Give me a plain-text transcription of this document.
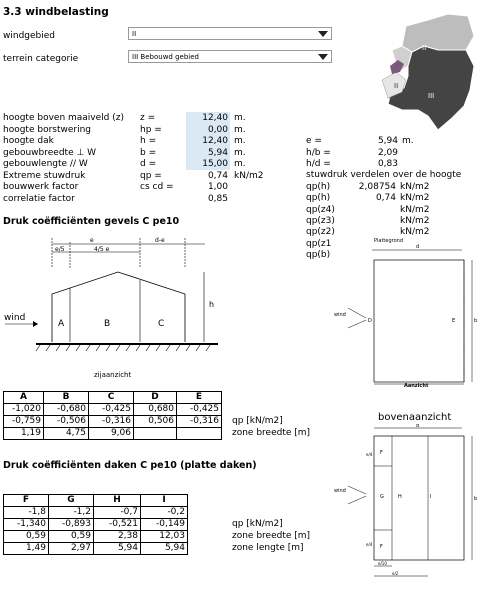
3.3 windbelasting
windgebied	II
terrein categorie	III Bebouwd gebied
II
I
II
III
hoogte boven maaiveld (z) z =	12,40 m.
hoogte borstwering	hp =	0,00 m.
hoogte dak	h =	12,40 m.
gebouwbreedte ⊥ W	b =	5,94 m.
gebouwlengte // W	d =	15,00 m.
Extreme stuwdruk	qp =	0,74 kN/m2
bouwwerk factor	cs cd =	1,00
correlatie factor	0,85
e =	5,94 m.
h/b =	2,09
h/d =	0,83
stuwdruk verdelen over de hoogte
qp(h)	2,08754 kN/m2
qp(h)	0,74 kN/m2
qp(z4)	kN/m2
qp(z3)	kN/m2
qp(z2)	kN/m2
qp(z1
qp(b)
Druk coëfficiënten gevels C pe10
e
e/5	4/5 e
d-e
h
wind
A	B	C
zijaanzicht
Plattegrond
d
b
D	E
wind
Aanzicht
A	B	C	D	E
-1,020	-0,680	-0,425	0,680	-0,425
-0,759	-0,506	-0,316	0,506	-0,316
1,19	4,75	9,06		
qp [kN/m2]
zone breedte [m]
bovenaanzicht
d
F
G	H	I
F
e/4
e/4
b
wind
e/10
e/2
Druk coëfficiënten daken C pe10 (platte daken)
F	G	H	I
-1,8	-1,2	-0,7	-0,2
-1,340	-0,893	-0,521	-0,149
0,59	0,59	2,38	12,03
1,49	2,97	5,94	5,94
qp [kN/m2]
zone breedte [m]
zone lengte [m]
